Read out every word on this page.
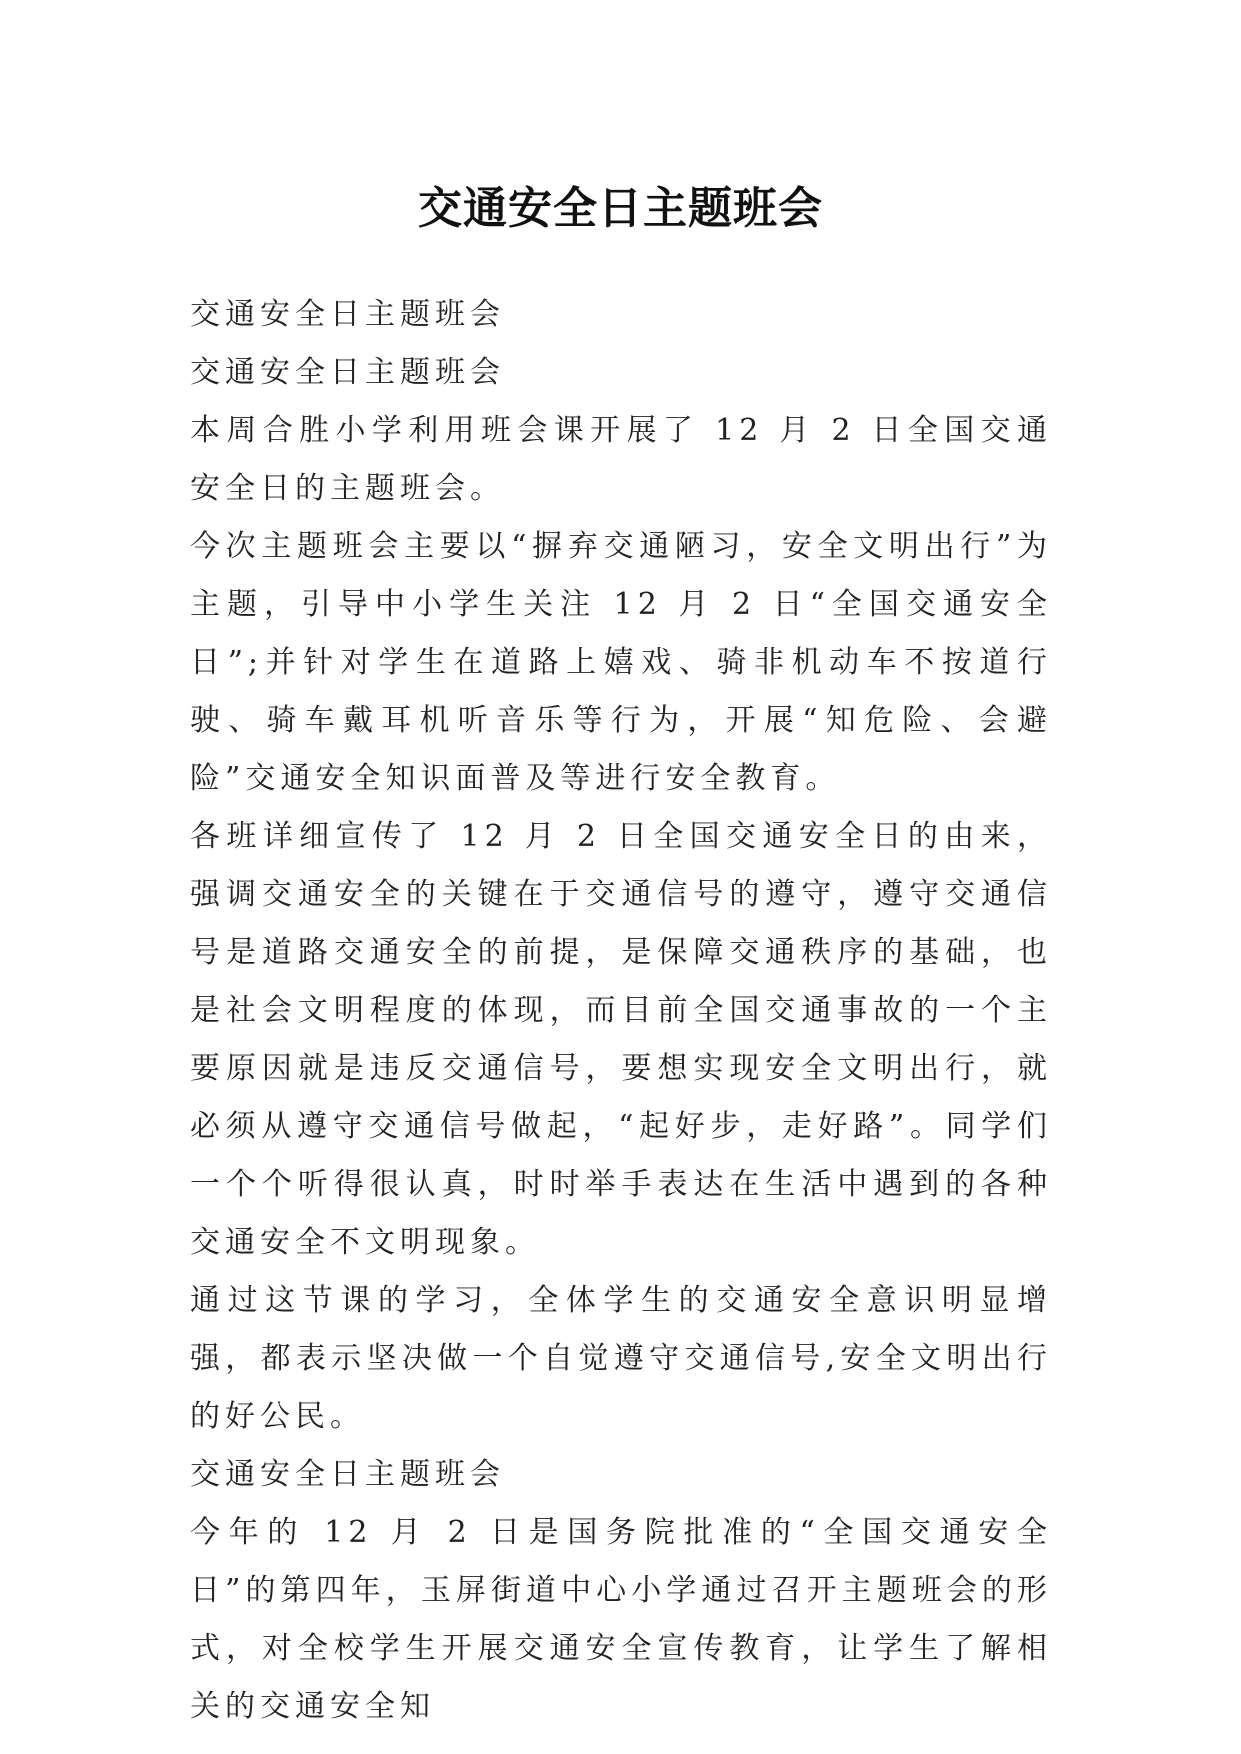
交通安全日主题班会

交通安全日主题班会

交通安全日主题班会

本周合胜小学利用班会课开展了 12 月 2 日全国交通安全日的主题班会。

今次主题班会主要以“摒弃交通陋习，安全文明出行”为主题，引导中小学生关注 12 月 2 日“全国交通安全日”;并针对学生在道路上嬉戏、骑非机动车不按道行驶、骑车戴耳机听音乐等行为，开展“知危险、会避险”交通安全知识面普及等进行安全教育。

各班详细宣传了 12 月 2 日全国交通安全日的由来，强调交通安全的关键在于交通信号的遵守，遵守交通信号是道路交通安全的前提，是保障交通秩序的基础，也是社会文明程度的体现，而目前全国交通事故的一个主要原因就是违反交通信号，要想实现安全文明出行，就必须从遵守交通信号做起，“起好步，走好路”。同学们一个个听得很认真，时时举手表达在生活中遇到的各种交通安全不文明现象。

通过这节课的学习，全体学生的交通安全意识明显增强，都表示坚决做一个自觉遵守交通信号,安全文明出行的好公民。

交通安全日主题班会

今年的 12 月 2 日是国务院批准的“全国交通安全日”的第四年，玉屏街道中心小学通过召开主题班会的形式，对全校学生开展交通安全宣传教育，让学生了解相关的交通安全知
